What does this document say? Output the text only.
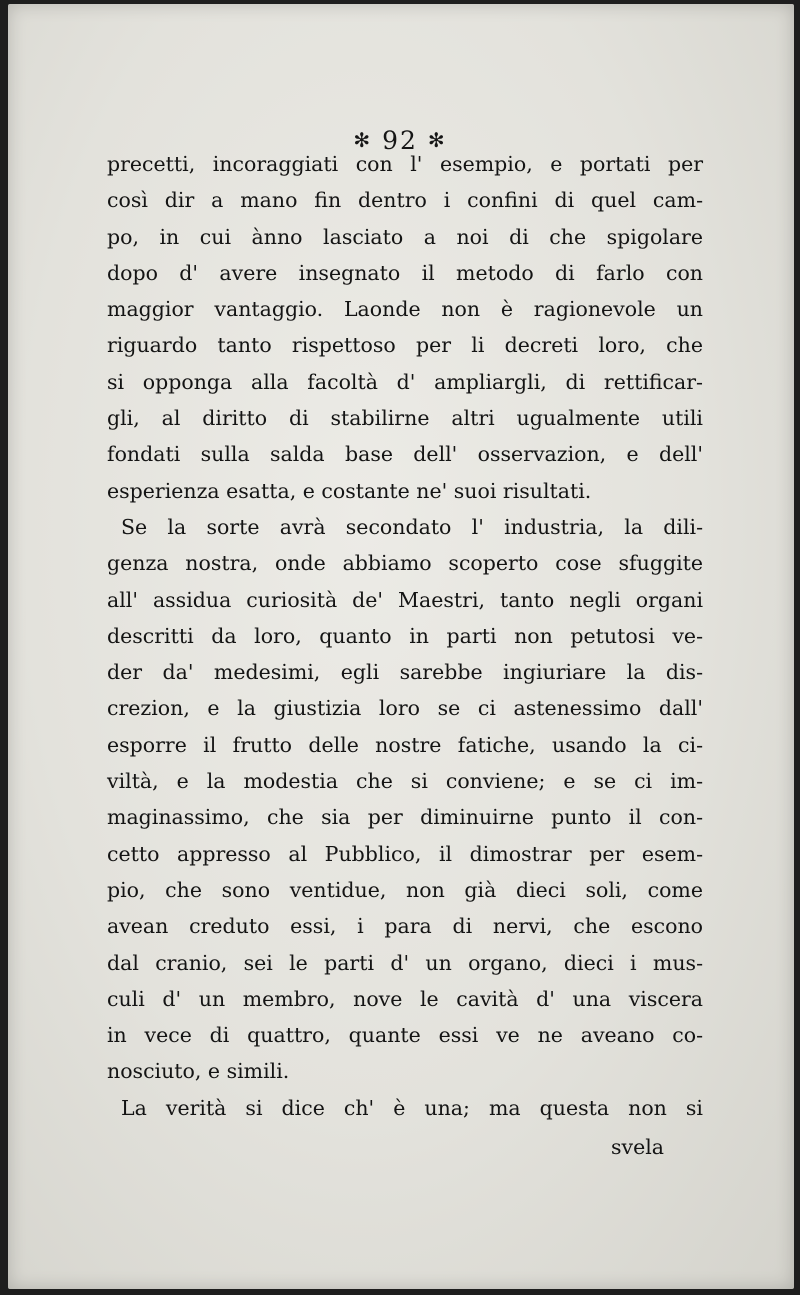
✻ 92 ✻
precetti, incoraggiati con l' esempio, e portati per
così dir a mano fin dentro i confini di quel cam-
po, in cui ànno lasciato a noi di che spigolare
dopo d' avere insegnato il metodo di farlo con
maggior vantaggio. Laonde non è ragionevole un
riguardo tanto rispettoso per li decreti loro, che
si opponga alla facoltà d' ampliargli, di rettificar-
gli, al diritto di stabilirne altri ugualmente utili
fondati sulla salda base dell' osservazion, e dell'
esperienza esatta, e costante ne' suoi risultati.
Se la sorte avrà secondato l' industria, la dili-
genza nostra, onde abbiamo scoperto cose sfuggite
all' assidua curiosità de' Maestri, tanto negli organi
descritti da loro, quanto in parti non petutosi ve-
der da' medesimi, egli sarebbe ingiuriare la dis-
crezion, e la giustizia loro se ci astenessimo dall'
esporre il frutto delle nostre fatiche, usando la ci-
viltà, e la modestia che si conviene; e se ci im-
maginassimo, che sia per diminuirne punto il con-
cetto appresso al Pubblico, il dimostrar per esem-
pio, che sono ventidue, non già dieci soli, come
avean creduto essi, i para di nervi, che escono
dal cranio, sei le parti d' un organo, dieci i mus-
culi d' un membro, nove le cavità d' una viscera
in vece di quattro, quante essi ve ne aveano co-
nosciuto, e simili.
La verità si dice ch' è una; ma questa non si
svela
